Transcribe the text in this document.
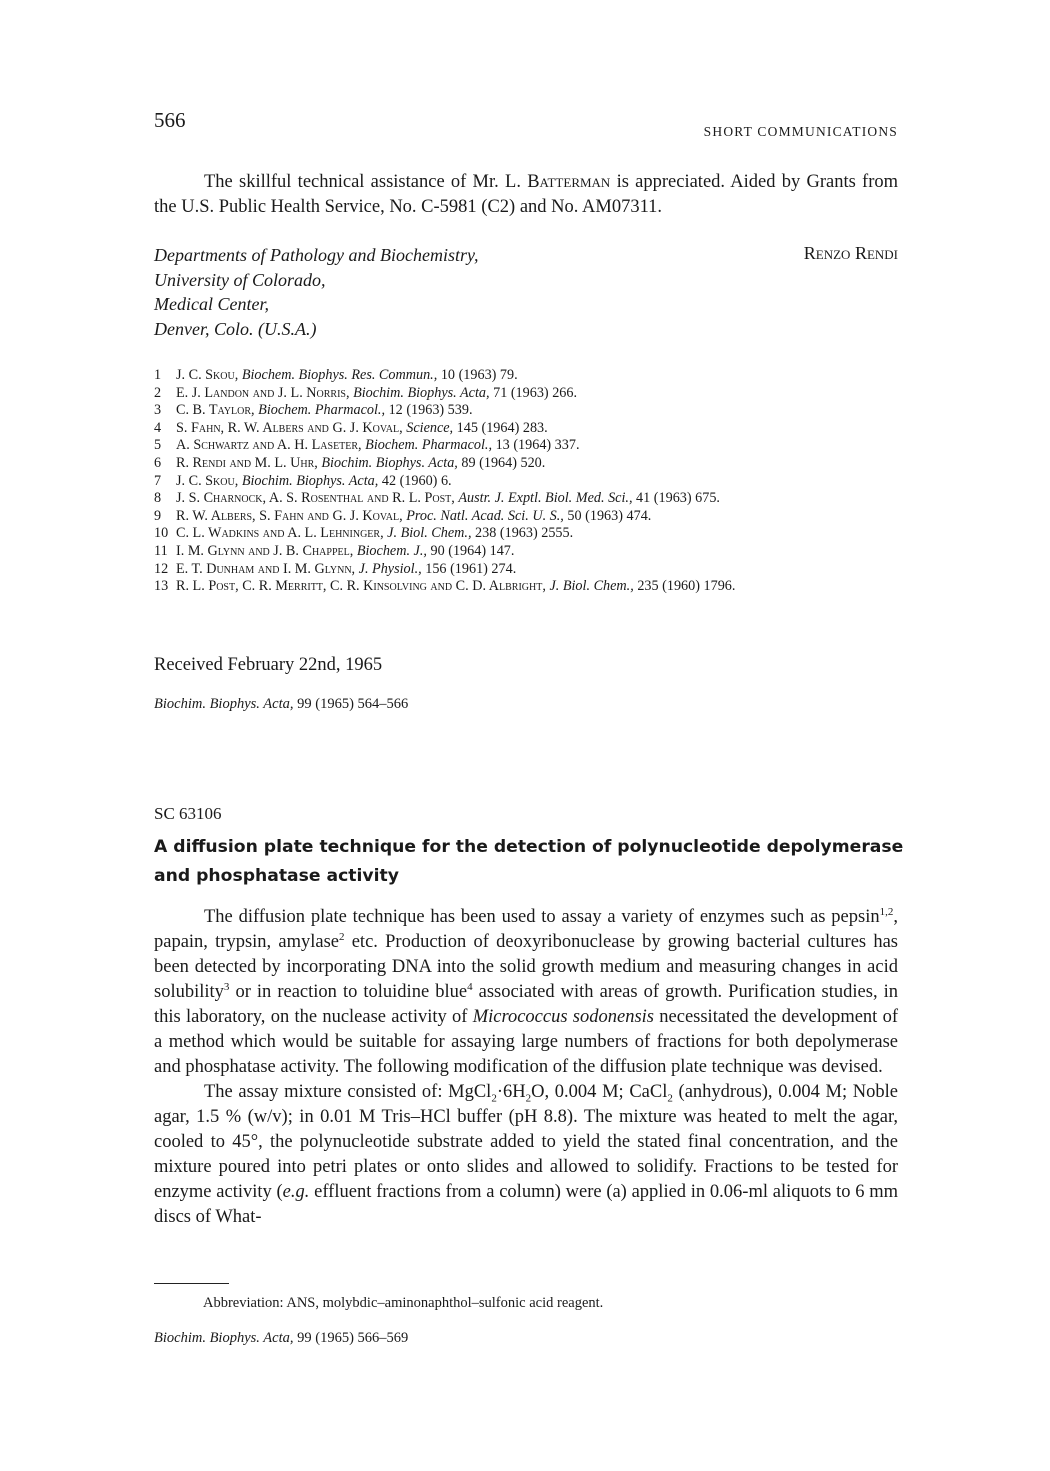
566	SHORT COMMUNICATIONS
The skillful technical assistance of Mr. L. Batterman is appreciated. Aided by Grants from the U.S. Public Health Service, No. C-5981 (C2) and No. AM07311.
Departments of Pathology and Biochemistry,
University of Colorado,
Medical Center,
Denver, Colo. (U.S.A.)
Renzo Rendi
1	J. C. Skou, Biochem. Biophys. Res. Commun., 10 (1963) 79.
2	E. J. Landon and J. L. Norris, Biochim. Biophys. Acta, 71 (1963) 266.
3	C. B. Taylor, Biochem. Pharmacol., 12 (1963) 539.
4	S. Fahn, R. W. Albers and G. J. Koval, Science, 145 (1964) 283.
5	A. Schwartz and A. H. Laseter, Biochem. Pharmacol., 13 (1964) 337.
6	R. Rendi and M. L. Uhr, Biochim. Biophys. Acta, 89 (1964) 520.
7	J. C. Skou, Biochim. Biophys. Acta, 42 (1960) 6.
8	J. S. Charnock, A. S. Rosenthal and R. L. Post, Austr. J. Exptl. Biol. Med. Sci., 41 (1963) 675.
9	R. W. Albers, S. Fahn and G. J. Koval, Proc. Natl. Acad. Sci. U. S., 50 (1963) 474.
10 C. L. Wadkins and A. L. Lehninger, J. Biol. Chem., 238 (1963) 2555.
11 I. M. Glynn and J. B. Chappel, Biochem. J., 90 (1964) 147.
12 E. T. Dunham and I. M. Glynn, J. Physiol., 156 (1961) 274.
13 R. L. Post, C. R. Merritt, C. R. Kinsolving and C. D. Albright, J. Biol. Chem., 235 (1960) 1796.
Received February 22nd, 1965
Biochim. Biophys. Acta, 99 (1965) 564–566
SC 63106
A diffusion plate technique for the detection of polynucleotide depolymerase and phosphatase activity

The diffusion plate technique has been used to assay a variety of enzymes such as pepsin$^{1,2}$, papain, trypsin, amylase$^2$ etc. Production of deoxyribonuclease by growing bacterial cultures has been detected by incorporating DNA into the solid growth medium and measuring changes in acid solubility$^3$ or in reaction to toluidine blue$^4$ associated with areas of growth. Purification studies, in this laboratory, on the nuclease activity of Micrococcus sodonensis necessitated the development of a method which would be suitable for assaying large numbers of fractions for both depolymerase and phosphatase activity. The following modification of the diffusion plate technique was devised.

The assay mixture consisted of: $MgCl_2\cdot 6H_2O$, 0.004 M; CaCl$_2$ (anhydrous), 0.004 M; Noble agar, 1.5 % (w/v); in 0.01 M Tris–HCl buffer (pH 8.8). The mixture was heated to melt the agar, cooled to 45°, the polynucleotide substrate added to yield the stated final concentration, and the mixture poured into petri plates or onto slides and allowed to solidify. Fractions to be tested for enzyme activity (e.g. effluent fractions from a column) were (a) applied in 0.06-ml aliquots to 6 mm discs of What-

Abbreviation: ANS, molybdic–aminonaphthol–sulfonic acid reagent.
Biochim. Biophys. Acta, 99 (1965) 566–569
